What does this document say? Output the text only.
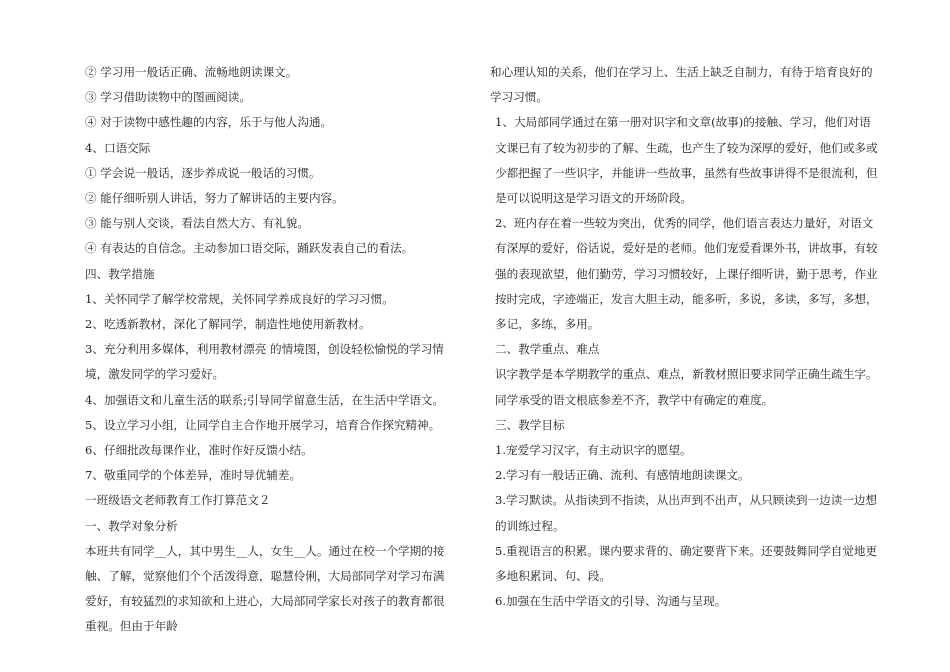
② 学习用一般话正确、流畅地朗读课文。

③ 学习借助读物中的图画阅读。

④ 对于读物中感性趣的内容，乐于与他人沟通。

4、口语交际

① 学会说一般话，逐步养成说一般话的习惯。

② 能仔细听别人讲话，努力了解讲话的主要内容。

③ 能与别人交谈，看法自然大方、有礼貌。

④ 有表达的自信念。主动参加口语交际，踊跃发表自己的看法。

四、教学措施

1、关怀同学了解学校常规，关怀同学养成良好的学习习惯。

2、吃透新教材，深化了解同学，制造性地使用新教材。

3、充分利用多媒体，利用教材漂亮 的情境图，创设轻松愉悦的学习情境，激发同学的学习爱好。

4、加强语文和儿童生活的联系;引导同学留意生活，在生活中学语文。

5、设立学习小组，让同学自主合作地开展学习，培育合作探究精神。

6、仔细批改每课作业，准时作好反馈小结。

7、敬重同学的个体差异，准时导优辅差。

一班级语文老师教育工作打算范文２

一、教学对象分析

本班共有同学__人，其中男生__人，女生__人。通过在校一个学期的接触、了解，觉察他们个个活泼得意，聪慧伶俐，大局部同学对学习布满爱好，有较猛烈的求知欲和上进心，大局部同学家长对孩子的教育都很重视。但由于年龄

和心理认知的关系，他们在学习上、生活上缺乏自制力，有待于培育良好的学习习惯。

1、大局部同学通过在第一册对识字和文章(故事)的接触、学习，他们对语文课已有了较为初步的了解、生疏，也产生了较为深厚的爱好，他们或多或少都把握了一些识字，并能讲一些故事，虽然有些故事讲得不是很流利，但是可以说明这是学习语文的开场阶段。

2、班内存在着一些较为突出，优秀的同学，他们语言表达力量好，对语文有深厚的爱好，俗话说，爱好是的老师。他们宠爱看课外书，讲故事，有较强的表现欲望，他们勤劳，学习习惯较好，上课仔细听讲，勤于思考，作业按时完成，字迹端正，发言大胆主动，能多听，多说，多读，多写，多想，多记，多练，多用。

二、教学重点、难点

识字教学是本学期教学的重点、难点，新教材照旧要求同学正确生疏生字。同学承受的语文根底参差不齐，教学中有确定的难度。

三、教学目标

1.宠爱学习汉字，有主动识字的愿望。

2.学习有一般话正确、流利、有感情地朗读课文。

3.学习默读。从指读到不指读，从出声到不出声，从只顾读到一边读一边想的训练过程。

5.重视语言的积累。课内要求背的、确定要背下来。还要鼓舞同学自觉地更多地积累词、句、段。

6.加强在生活中学语文的引导、沟通与呈现。
